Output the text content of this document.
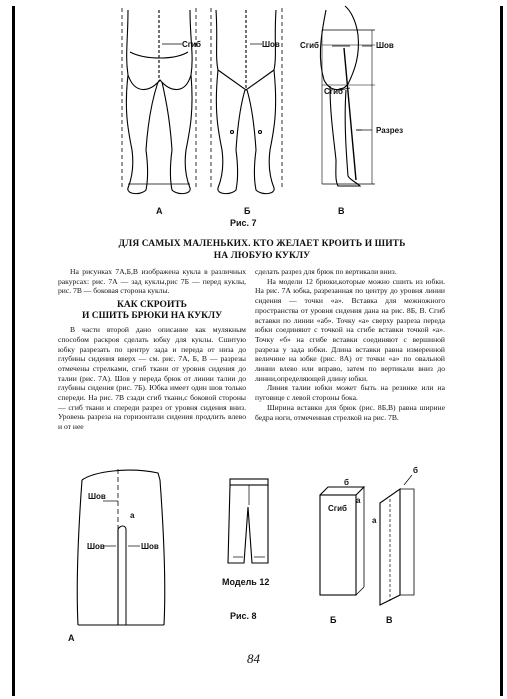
Сгиб	Шов	Сгиб	Шов
Сгиб
Разрез
А	Б	В
Рис. 7
ДЛЯ САМЫХ МАЛЕНЬКИХ. КТО ЖЕЛАЕТ КРОИТЬ И ШИТЬ
НА ЛЮБУЮ КУКЛУ

На рисунках 7А,Б,В изображена кукла в различных ракурсах: рис. 7А — зад куклы,рис 7Б — перед куклы, рис. 7В — боковая сторона куклы.

КАК СКРОИТЬ
И СШИТЬ БРЮКИ НА КУКЛУ

В части второй дано описание как мулякным способом раскроя сделать юбку для куклы. Сшитую юбку разрезать по центру зада и переда от низа до глубины сидения вверх — см. рис. 7А, Б, В — разрезы отмечены стрелками, сгиб ткани от уровня сидения до талии (рис. 7А). Шов у переда брюк от линии талии до глубины сидения (рис. 7Б). Юбка имеет один шов только спереди. На рис. 7В сзади сгиб ткани,с боковой стороны — сгиб ткани и спереди разрез от уровня сидения вниз. Уровень разреза на горизонтали сидения продлить влево и от нее

сделать разрез для брюк по вертикали вниз.

На модели 12 брюки,которые можно сшить из юбки. На рис. 7А юбка, разрезанная по центру до уровня линии сидения — точки «а». Вставка для межножного пространства от уровня сидения дана на рис. 8Б, В. Сгиб вставки по линии «аб». Точку «а» сверху разреза переда юбки соединяют с точкой на сгибе вставки точкой «а». Точку «б» на сгибе вставки соединяют с вершиной разреза у зада юбки. Длина вставки равна измеренной величине на юбке (рис. 8А) от точки «а» по овальной линии влево или вправо, затем по вертикали вниз до линии,определяющей длину юбки.

Линия талии юбки может быть на резинке или на пуговице с левой стороны бока.

Ширина вставки для брюк (рис. 8Б,В) равна ширине бедра ноги, отмеченная стрелкой на рис. 7В.

Шов
а
Шов	Шов
А
Модель 12
Рис. 8
Сгиб
б
а
Б
б
а
В
84
